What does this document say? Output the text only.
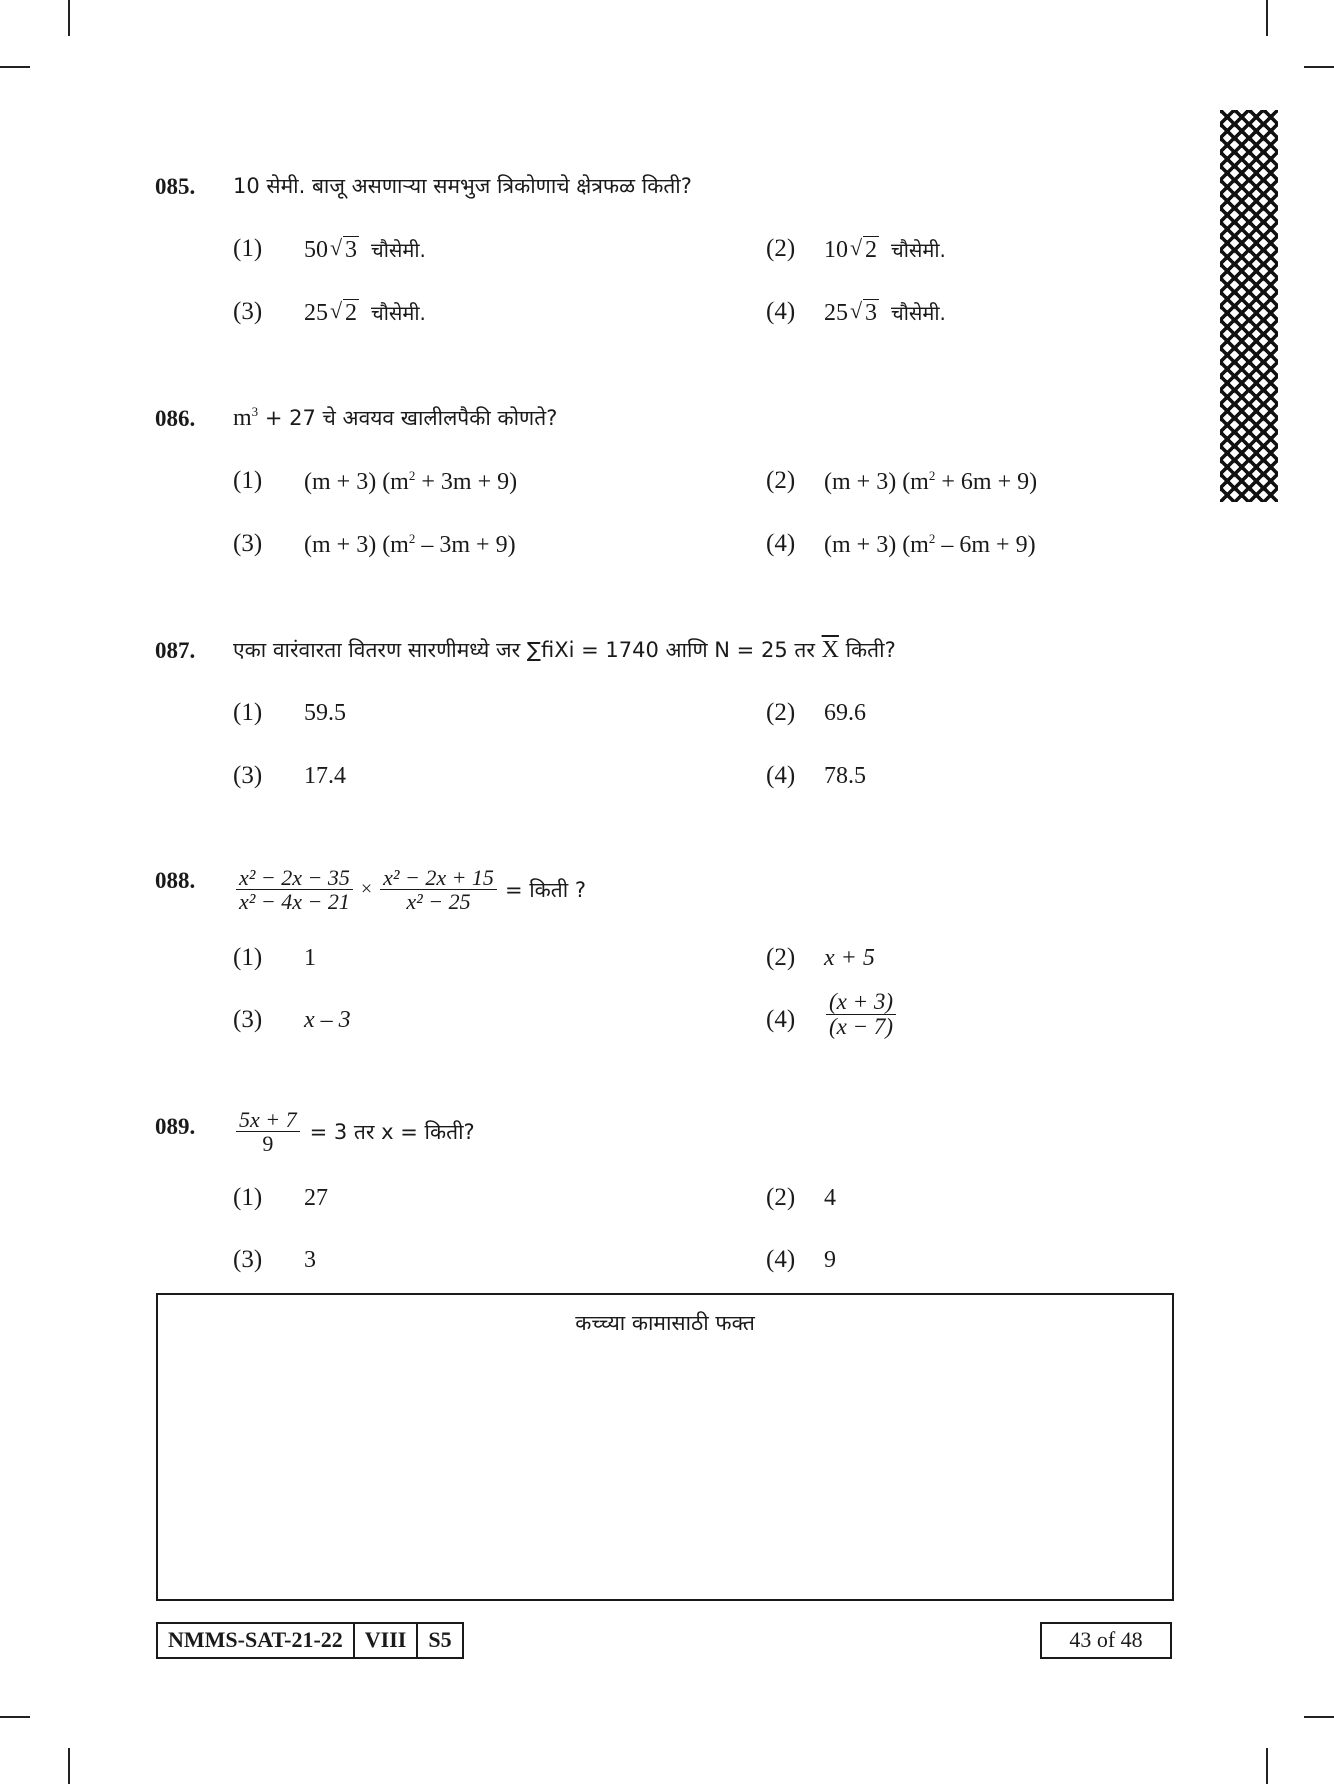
085. 10 सेमी. बाजू असणाऱ्या समभुज त्रिकोणाचे क्षेत्रफळ किती?
(1) 50 √ 3 चौसेमी.	(2) 10 √ 2 चौसेमी.
(3) 25 √ 2 चौसेमी.	(4) 25 √ 3 चौसेमी.
086. $m^3 + 27$ चे अवयव खालीलपैकी कोणते?
(1) (m + 3) $(m^2 + 3m + 9)$	(2) (m + 3) $(m^2 + 6m + 9)$
(3) (m + 3) $(m^2 - 3m + 9)$	(4) (m + 3) $(m^2 - 6m + 9)$
087. एका वारंवारता वितरण सारणीमध्ये जर ∑fiXi = 1740 आणि N = 25 तर $\overline{X}$ किती?
(1) 59.5	(2) 69.6
(3) 17.4	(4) 78.5
088. $\frac{\text{x² − 2x − 35}}{\text{x² − 4x − 21}} \times \frac{\text{x² − 2x + 15}}{\text{x² − 25}}$ = किती ?
(1) 1	(2) x + 5
(3) x – 3	$(4) \frac{(x + 3)}{(x - 7)}$
089. $\frac{5x + 7}{9} = 3$ तर x = किती?
(1) 27	(2) 4
(3) 3	(4) 9
कच्च्या कामासाठी फक्त
NMMS-SAT-21-22	VIII	S5	43 of 48
